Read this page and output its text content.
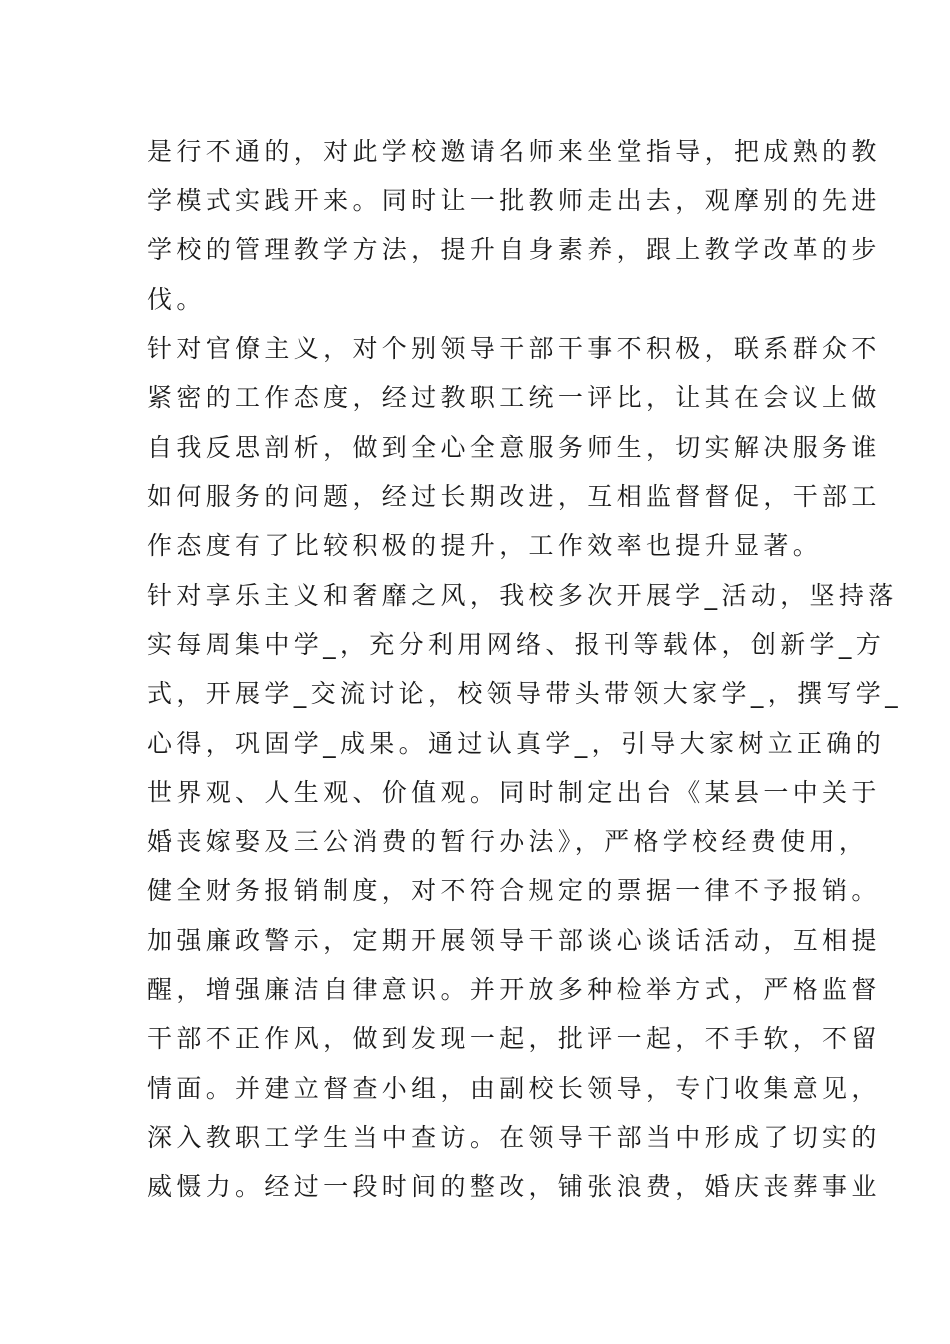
是行不通的，对此学校邀请名师来坐堂指导，把成熟的教
学模式实践开来。同时让一批教师走出去，观摩别的先进
学校的管理教学方法，提升自身素养，跟上教学改革的步
伐。
针对官僚主义，对个别领导干部干事不积极，联系群众不
紧密的工作态度，经过教职工统一评比，让其在会议上做
自我反思剖析，做到全心全意服务师生，切实解决服务谁
如何服务的问题，经过长期改进，互相监督督促，干部工
作态度有了比较积极的提升，工作效率也提升显著。
针对享乐主义和奢靡之风，我校多次开展学_活动，坚持落
实每周集中学_，充分利用网络、报刊等载体，创新学_方
式，开展学_交流讨论，校领导带头带领大家学_，撰写学_
心得，巩固学_成果。通过认真学_，引导大家树立正确的
世界观、人生观、价值观。同时制定出台《某县一中关于
婚丧嫁娶及三公消费的暂行办法》，严格学校经费使用，
健全财务报销制度，对不符合规定的票据一律不予报销。
加强廉政警示，定期开展领导干部谈心谈话活动，互相提
醒，增强廉洁自律意识。并开放多种检举方式，严格监督
干部不正作风，做到发现一起，批评一起，不手软，不留
情面。并建立督查小组，由副校长领导，专门收集意见，
深入教职工学生当中查访。在领导干部当中形成了切实的
威慑力。经过一段时间的整改，铺张浪费，婚庆丧葬事业
